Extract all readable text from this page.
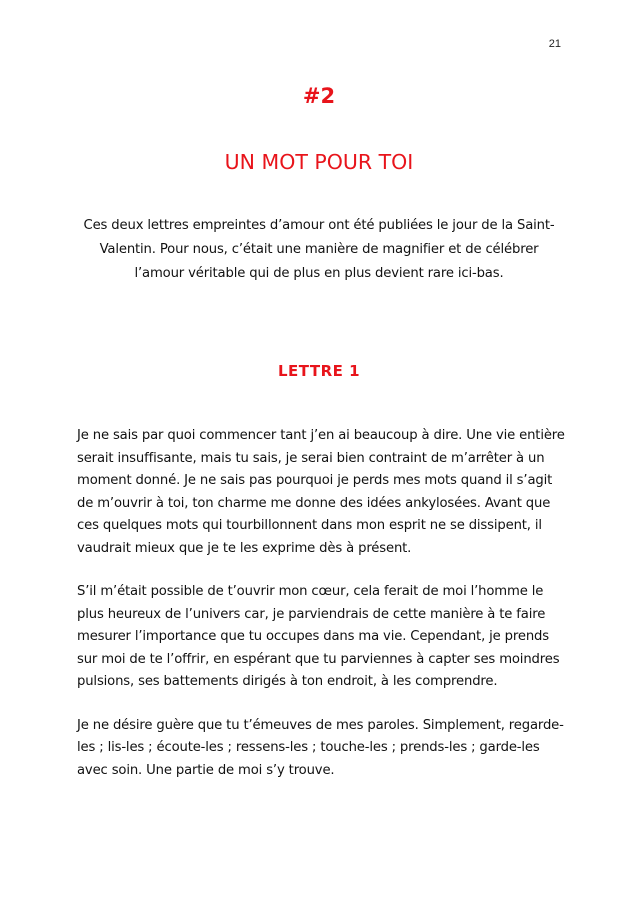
21
#2
UN MOT POUR TOI
Ces deux lettres empreintes d’amour ont été publiées le jour de la Saint-Valentin. Pour nous, c’était une manière de magnifier et de célébrer l’amour véritable qui de plus en plus devient rare ici-bas.
LETTRE 1

Je ne sais par quoi commencer tant j’en ai beaucoup à dire. Une vie entière serait insuffisante, mais tu sais, je serai bien contraint de m’arrêter à un moment donné. Je ne sais pas pourquoi je perds mes mots quand il s’agit de m’ouvrir à toi, ton charme me donne des idées ankylosées. Avant que ces quelques mots qui tourbillonnent dans mon esprit ne se dissipent, il vaudrait mieux que je te les exprime dès à présent.

S’il m’était possible de t’ouvrir mon cœur, cela ferait de moi l’homme le plus heureux de l’univers car, je parviendrais de cette manière à te faire mesurer l’importance que tu occupes dans ma vie. Cependant, je prends sur moi de te l’offrir, en espérant que tu parviennes à capter ses moindres pulsions, ses battements dirigés à ton endroit, à les comprendre.

Je ne désire guère que tu t’émeuves de mes paroles. Simplement, regarde-les ; lis-les ; écoute-les ; ressens-les ; touche-les ; prends-les ; garde-les avec soin. Une partie de moi s’y trouve.
